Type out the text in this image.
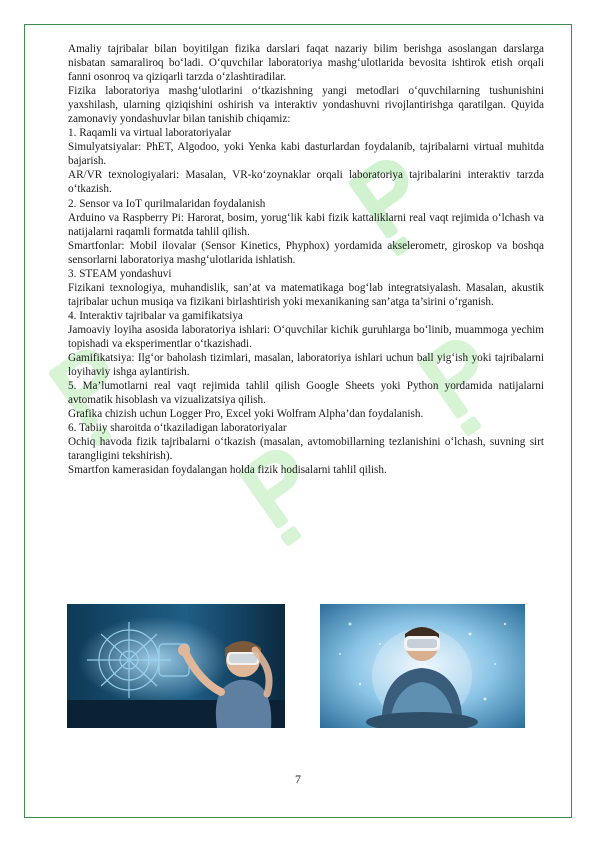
Amaliy tajribalar bilan boyitilgan fizika darslari faqat nazariy bilim berishga asoslangan darslarga nisbatan samaraliroq bo‘ladi. O‘quvchilar laboratoriya mashg‘ulotlarida bevosita ishtirok etish orqali fanni osonroq va qiziqarli tarzda o‘zlashtiradilar.

Fizika laboratoriya mashg‘ulotlarini o‘tkazishning yangi metodlari o‘quvchilarning tushunishini yaxshilash, ularning qiziqishini oshirish va interaktiv yondashuvni rivojlantirishga qaratilgan. Quyida zamonaviy yondashuvlar bilan tanishib chiqamiz:

1. Raqamli va virtual laboratoriyalar

Simulyatsiyalar: PhET, Algodoo, yoki Yenka kabi dasturlardan foydalanib, tajribalarni virtual muhitda bajarish.

AR/VR texnologiyalari: Masalan, VR-ko‘zoynaklar orqali laboratoriya tajribalarini interaktiv tarzda o‘tkazish.

2. Sensor va IoT qurilmalaridan foydalanish

Arduino va Raspberry Pi: Harorat, bosim, yorug‘lik kabi fizik kattaliklarni real vaqt rejimida o‘lchash va natijalarni raqamli formatda tahlil qilish.

Smartfonlar: Mobil ilovalar (Sensor Kinetics, Phyphox) yordamida akselerometr, giroskop va boshqa sensorlarni laboratoriya mashg‘ulotlarida ishlatish.

3. STEAM yondashuvi

Fizikani texnologiya, muhandislik, san’at va matematikaga bog‘lab integratsiyalash. Masalan, akustik tajribalar uchun musiqa va fizikani birlashtirish yoki mexanikaning san’atga ta’sirini o‘rganish.

4. Interaktiv tajribalar va gamifikatsiya

Jamoaviy loyiha asosida laboratoriya ishlari: O‘quvchilar kichik guruhlarga bo‘linib, muammoga yechim topishadi va eksperimentlar o‘tkazishadi.

Gamifikatsiya: Ilg‘or baholash tizimlari, masalan, laboratoriya ishlari uchun ball yig‘ish yoki tajribalarni loyihaviy ishga aylantirish.

5. Ma’lumotlarni real vaqt rejimida tahlil qilish Google Sheets yoki Python yordamida natijalarni avtomatik hisoblash va vizualizatsiya qilish.

Grafika chizish uchun Logger Pro, Excel yoki Wolfram Alpha’dan foydalanish.

6. Tabiiy sharoitda o‘tkaziladigan laboratoriyalar

Ochiq havoda fizik tajribalarni o‘tkazish (masalan, avtomobillarning tezlanishini o‘lchash, suvning sirt tarangligini tekshirish).

Smartfon kamerasidan foydalangan holda fizik hodisalarni tahlil qilish.

7
